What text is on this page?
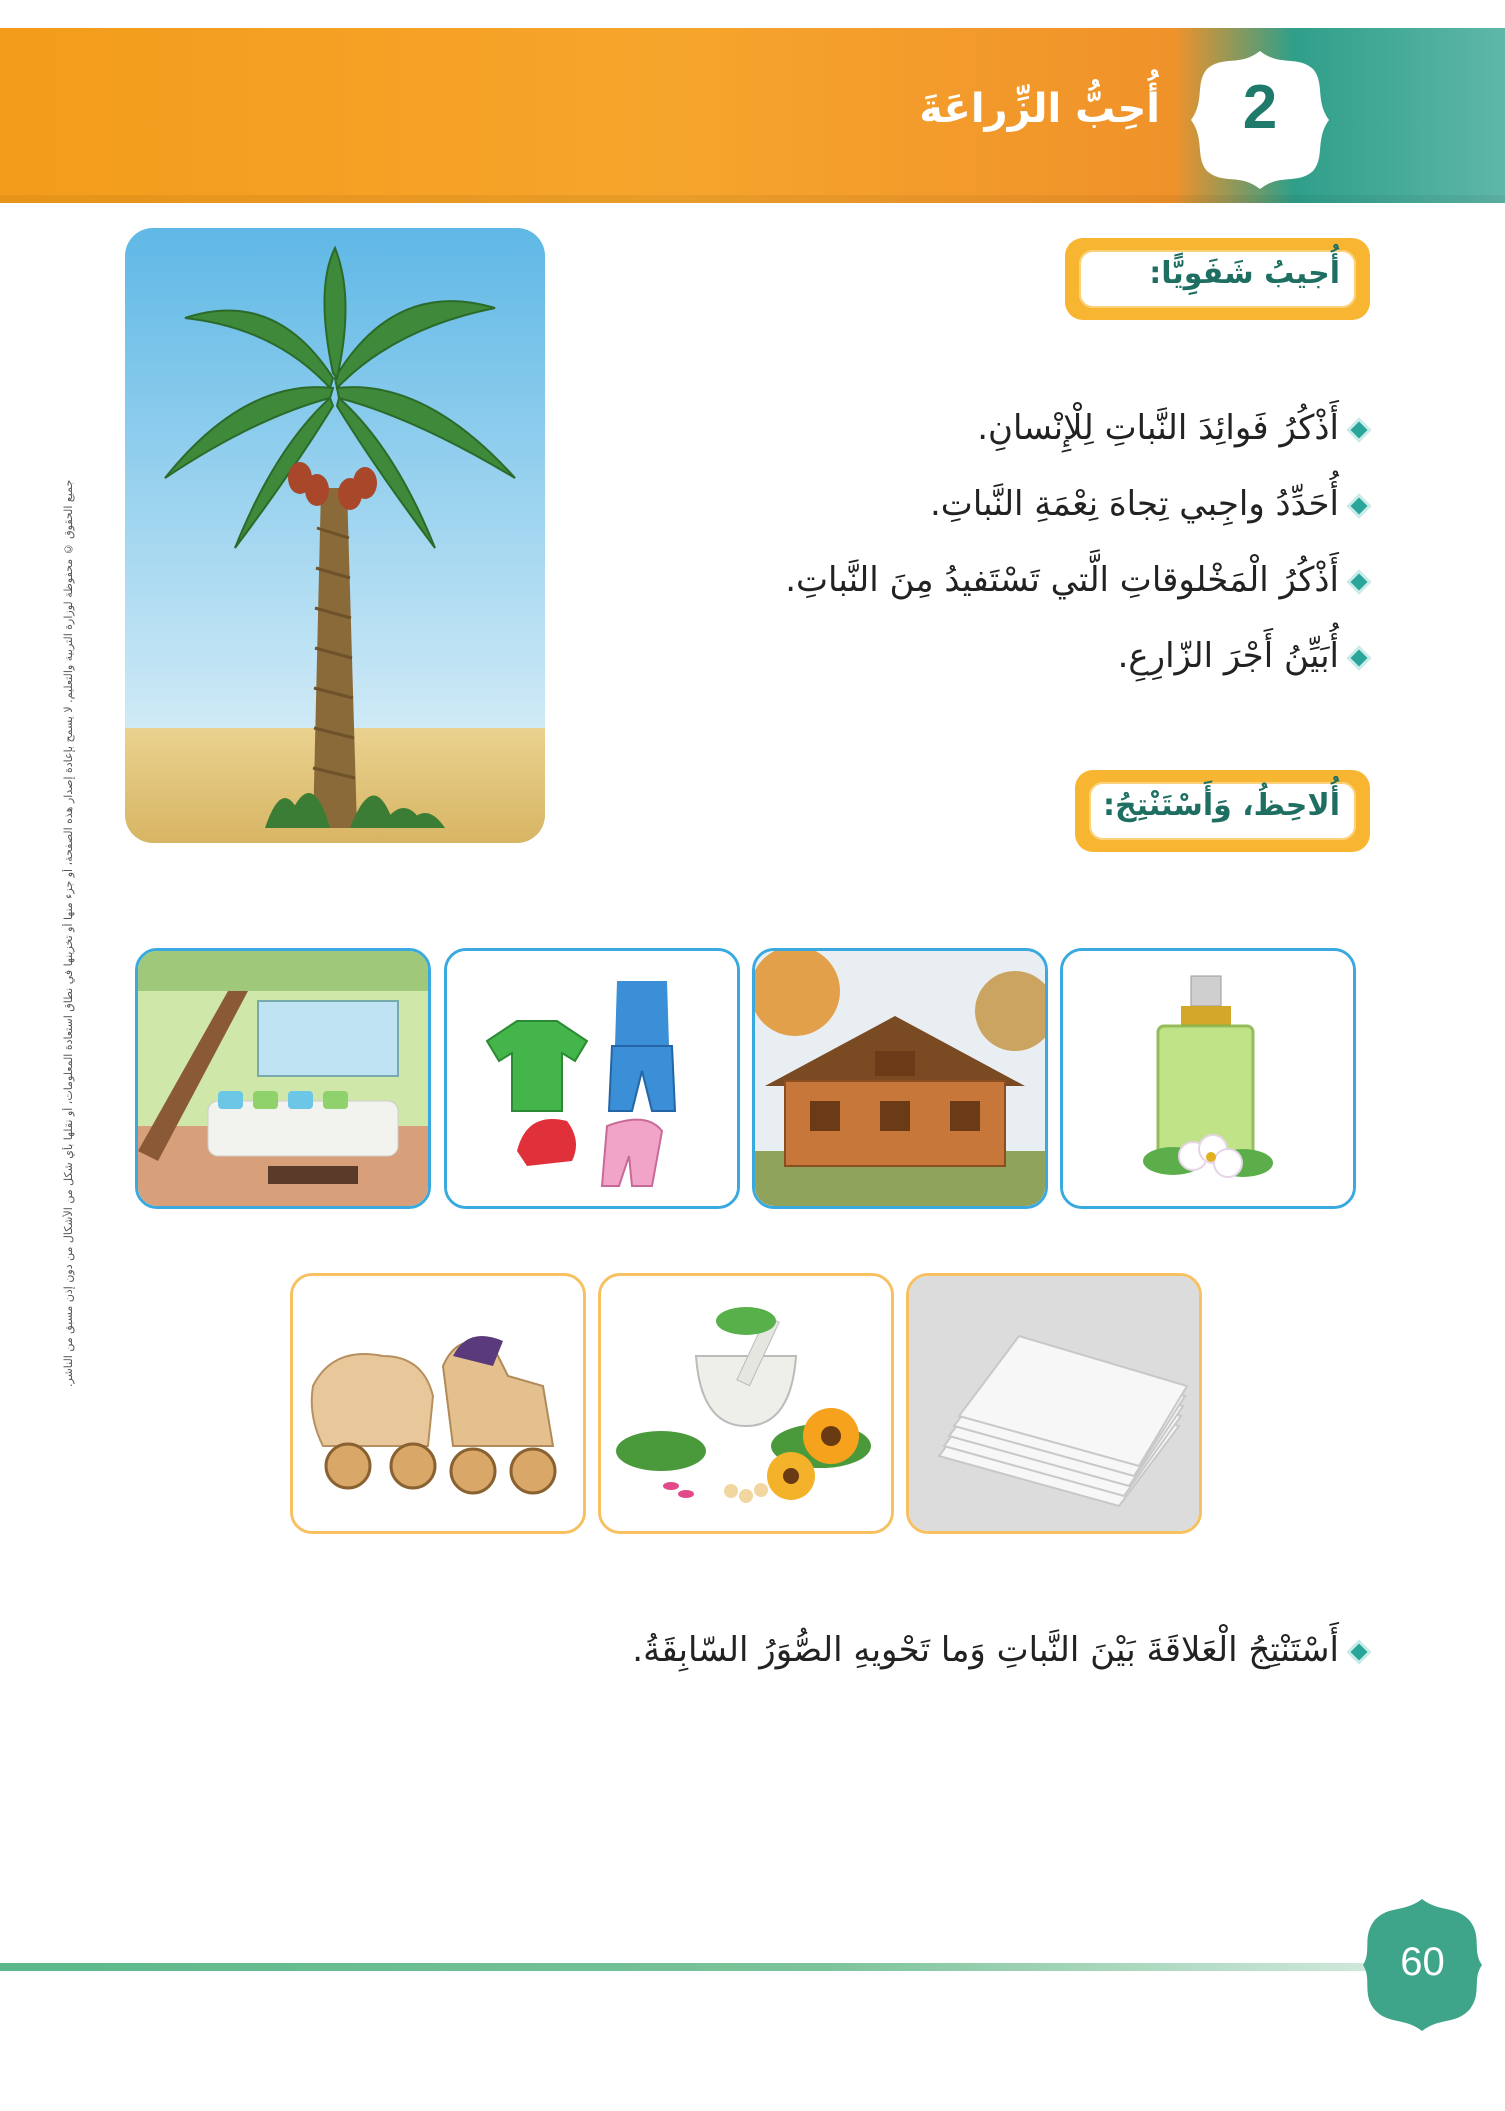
2
أُحِبُّ الزِّراعَةَ
جميع الحقوق © محفوظة لوزارة التربية والتعليم. لا يسمح بإعادة إصدار هذه الصفحة، أو جزء منها أو تخزينها في نطاق استعادة المعلومات، أو نقلها بأي شكل من الأشكال من دون إذن مسبق من الناشر.
أُجيبُ شَفَوِيًّا:
أَذْكُرُ فَوائِدَ النَّباتِ لِلْإِنْسانِ.
أُحَدِّدُ واجِبي تِجاهَ نِعْمَةِ النَّباتِ.
أَذْكُرُ الْمَخْلوقاتِ الَّتي تَسْتَفيدُ مِنَ النَّباتِ.
أُبَيِّنُ أَجْرَ الزّارِعِ.
أُلاحِظُ، وَأَسْتَنْتِجُ:
أَسْتَنْتِجُ الْعَلاقَةَ بَيْنَ النَّباتِ وَما تَحْويهِ الصُّوَرُ السّابِقَةُ.
60
